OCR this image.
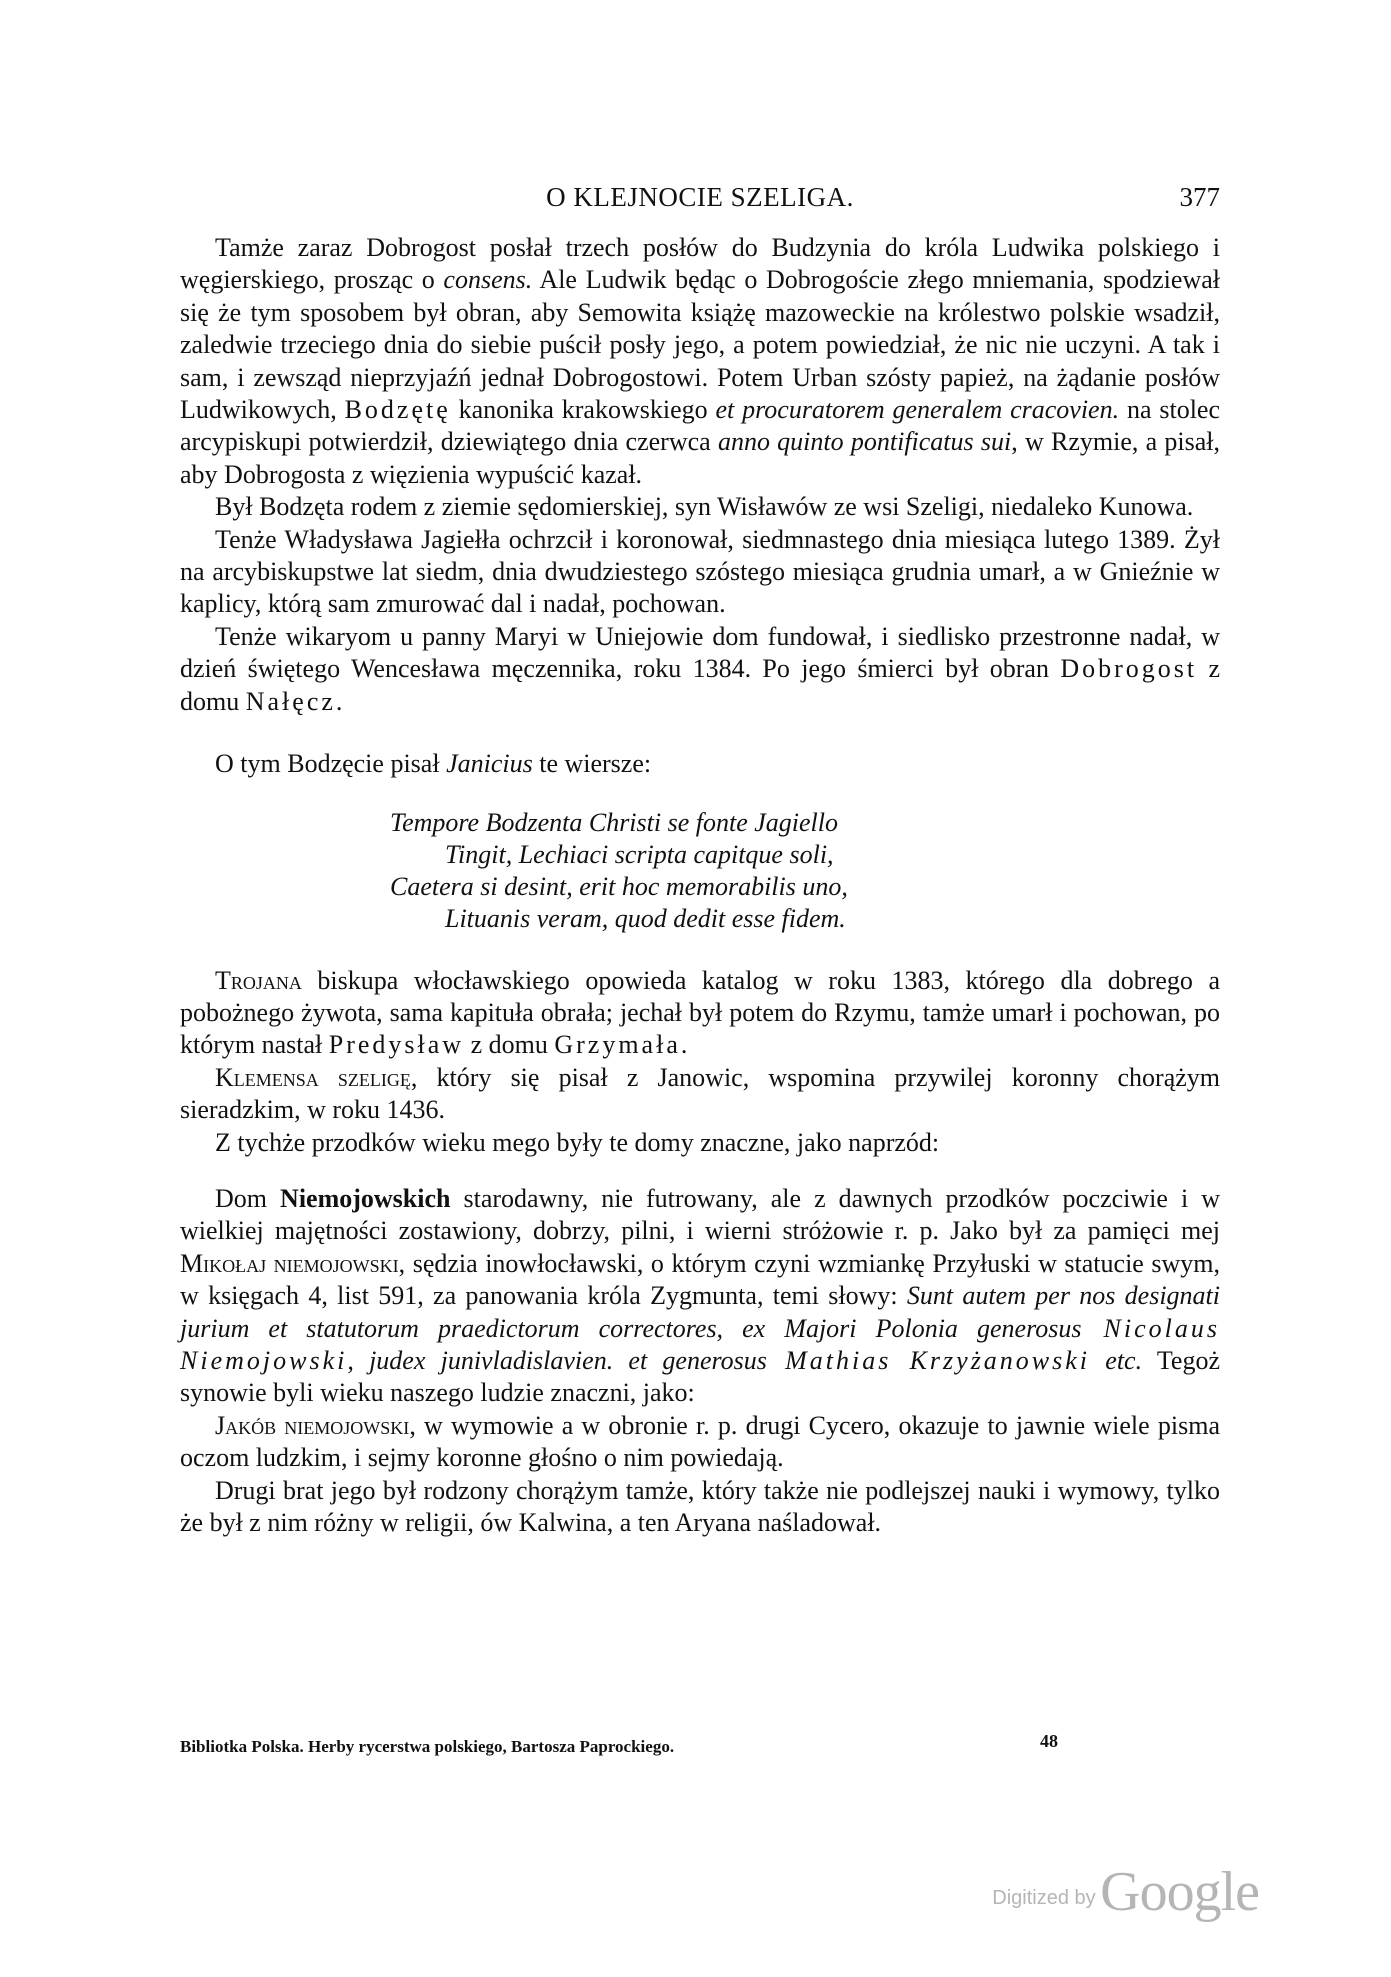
O KLEJNOCIE SZELIGA.	377

Tamże zaraz Dobrogost posłał trzech posłów do Budzynia do króla Ludwika polskiego i węgierskiego, prosząc o consens. Ale Ludwik będąc o Dobrogoście złego mniemania, spodziewał się że tym sposobem był obran, aby Semowita książę mazoweckie na królestwo polskie wsadził, zaledwie trzeciego dnia do siebie puścił posły jego, a potem powiedział, że nic nie uczyni. A tak i sam, i zewsząd nieprzyjaźń jednał Dobrogostowi. Potem Urban szósty papież, na żądanie posłów Ludwikowych, Bodzętę kanonika krakowskiego et procuratorem generalem cracovien. na stolec arcypiskupi potwierdził, dziewiątego dnia czerwca anno quinto pontificatus sui, w Rzymie, a pisał, aby Dobrogosta z więzienia wypuścić kazał.

Był Bodzęta rodem z ziemie sędomierskiej, syn Wisławów ze wsi Szeligi, niedaleko Kunowa.

Tenże Władysława Jagiełła ochrzcił i koronował, siedmnastego dnia miesiąca lutego 1389. Żył na arcybiskupstwe lat siedm, dnia dwudziestego szóstego miesiąca grudnia umarł, a w Gnieźnie w kaplicy, którą sam zmurować dal i nadał, pochowan.

Tenże wikaryom u panny Maryi w Uniejowie dom fundował, i siedlisko przestronne nadał, w dzień świętego Wencesława męczennika, roku 1384. Po jego śmierci był obran Dobrogost z domu Nałęcz.

O tym Bodzęcie pisał Janicius te wiersze:

Tempore Bodzenta Christi se fonte Jagiello
Tingit, Lechiaci scripta capitque soli,
Caetera si desint, erit hoc memorabilis uno,
Lituanis veram, quod dedit esse fidem.

Trojana biskupa włocławskiego opowieda katalog w roku 1383, którego dla dobrego a pobożnego żywota, sama kapituła obrała; jechał był potem do Rzymu, tamże umarł i pochowan, po którym nastał Predysław z domu Grzymała.

Klemensa szeligę, który się pisał z Janowic, wspomina przywilej koronny chorążym sieradzkim, w roku 1436.

Z tychże przodków wieku mego były te domy znaczne, jako naprzód:

Dom Niemojowskich starodawny, nie futrowany, ale z dawnych przodków poczciwie i w wielkiej majętności zostawiony, dobrzy, pilni, i wierni stróżowie r. p. Jako był za pamięci mej Mikołaj niemojowski, sędzia inowłocławski, o którym czyni wzmiankę Przyłuski w statucie swym, w księgach 4, list 591, za panowania króla Zygmunta, temi słowy: Sunt autem per nos designati jurium et statutorum praedictorum correctores, ex Majori Polonia generosus Nicolaus Niemojowski, judex junivladislavien. et generosus Mathias Krzyżanowski etc. Tegoż synowie byli wieku naszego ludzie znaczni, jako:

Jakób niemojowski, w wymowie a w obronie r. p. drugi Cycero, okazuje to jawnie wiele pisma oczom ludzkim, i sejmy koronne głośno o nim powiedają.

Drugi brat jego był rodzony chorążym tamże, który także nie podlejszej nauki i wymowy, tylko że był z nim różny w religii, ów Kalwina, a ten Aryana naśladował.

Bibliotka Polska. Herby rycerstwa polskiego, Bartosza Paprockiego.	48
Digitized by Google
